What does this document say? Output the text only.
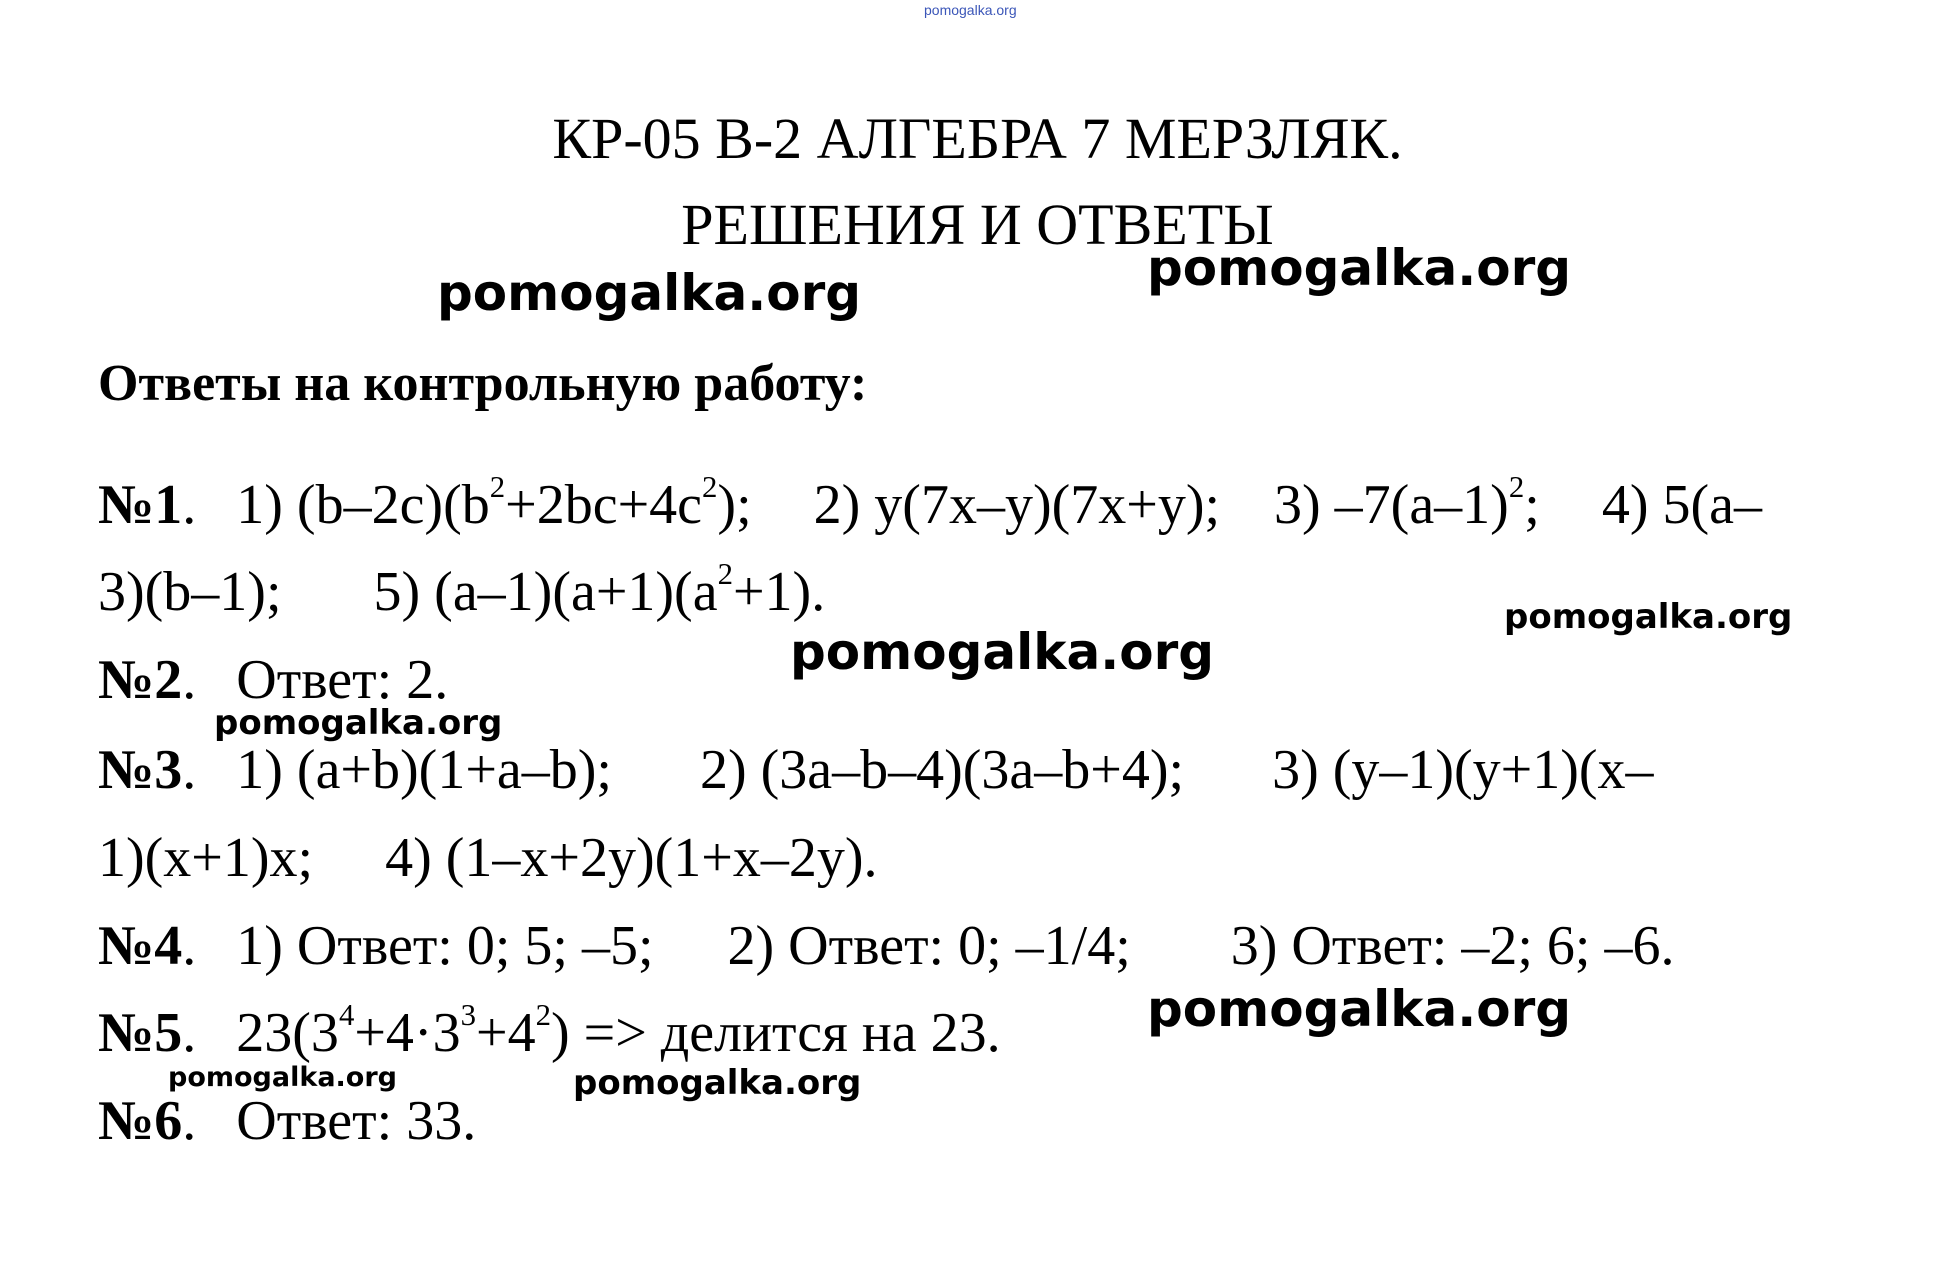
pomogalka.org
КР-05 В-2 АЛГЕБРА 7 МЕРЗЛЯК.
РЕШЕНИЯ И ОТВЕТЫ
Ответы на контрольную работу:
№1. 1) $(b-2c)(b^2+2bc+4c^2)$; 2) y(7x–y)(7x+y); 3) $-7(a-1)^2$; 4) 5(a–
3)(b–1); 5) $(a-1)(a+1)(a^2+1)$.
№2. Ответ: 2.
№3. 1) (a+b)(1+a–b); 2) (3a–b–4)(3a–b+4); 3) (y–1)(y+1)(x–
1)(x+1)x; 4) (1–x+2y)(1+x–2y).
№4. 1) Ответ: 0; 5; –5; 2) Ответ: 0; –1/4; 3) Ответ: –2; 6; –6.
№5. $23(3^4+4\cdot 3^3+4^2)$ => делится на 23.
№6. Ответ: 33.
pomogalka.org	pomogalka.org
pomogalka.org
pomogalka.org
pomogalka.org
pomogalka.org
pomogalka.org	pomogalka.org
